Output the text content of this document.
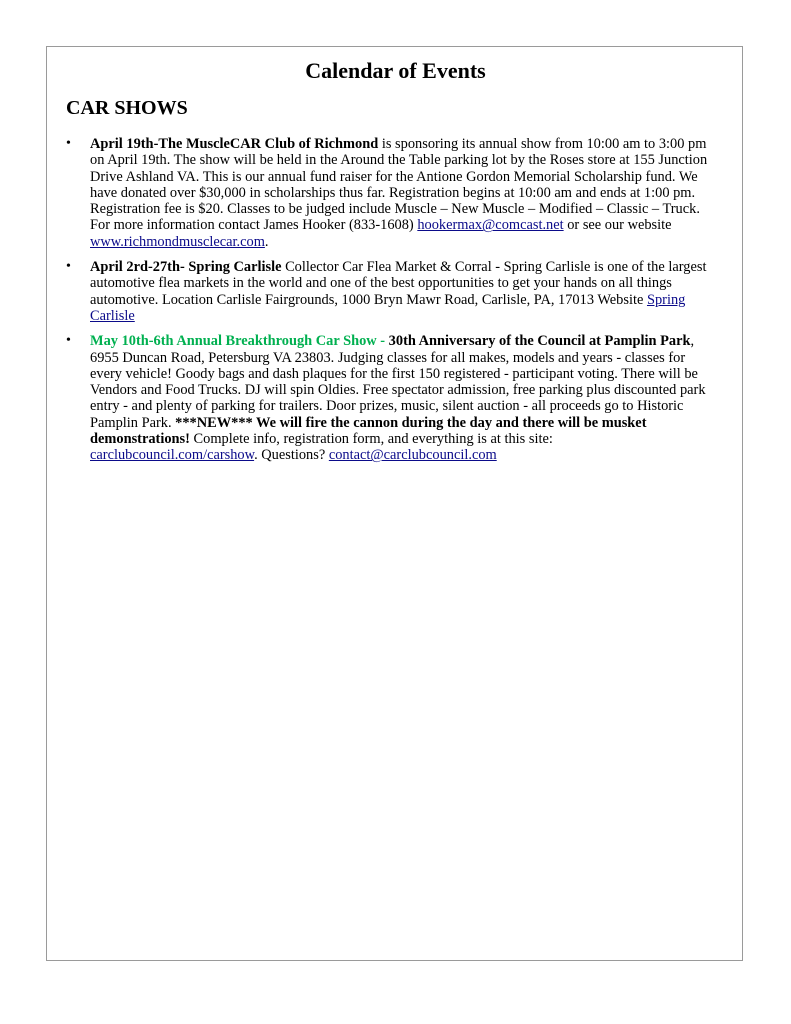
Calendar of Events
CAR SHOWS
• April 19th-The MuscleCAR Club of Richmond is sponsoring its annual show from 10:00 am to 3:00 pm on April 19th. The show will be held in the Around the Table parking lot by the Roses store at 155 Junction Drive Ashland VA. This is our annual fund raiser for the Antione Gordon Memorial Scholarship fund. We have donated over $30,000 in scholarships thus far. Registration begins at 10:00 am and ends at 1:00 pm. Registration fee is $20. Classes to be judged include Muscle – New Muscle – Modified – Classic – Truck. For more information contact James Hooker (833-1608) hookermax@comcast.net or see our website www.richmondmusclecar.com.
• April 2rd-27th- Spring Carlisle Collector Car Flea Market & Corral - Spring Carlisle is one of the largest automotive flea markets in the world and one of the best opportunities to get your hands on all things automotive. Location Carlisle Fairgrounds, 1000 Bryn Mawr Road, Carlisle, PA, 17013 Website Spring Carlisle
• May 10th-6th Annual Breakthrough Car Show - 30th Anniversary of the Council at Pamplin Park, 6955 Duncan Road, Petersburg VA 23803. Judging classes for all makes, models and years - classes for every vehicle! Goody bags and dash plaques for the first 150 registered - participant voting. There will be Vendors and Food Trucks. DJ will spin Oldies. Free spectator admission, free parking plus discounted park entry - and plenty of parking for trailers. Door prizes, music, silent auction - all proceeds go to Historic Pamplin Park. ***NEW*** We will fire the cannon during the day and there will be musket demonstrations! Complete info, registration form, and everything is at this site: carclubcouncil.com/carshow. Questions? contact@carclubcouncil.com
